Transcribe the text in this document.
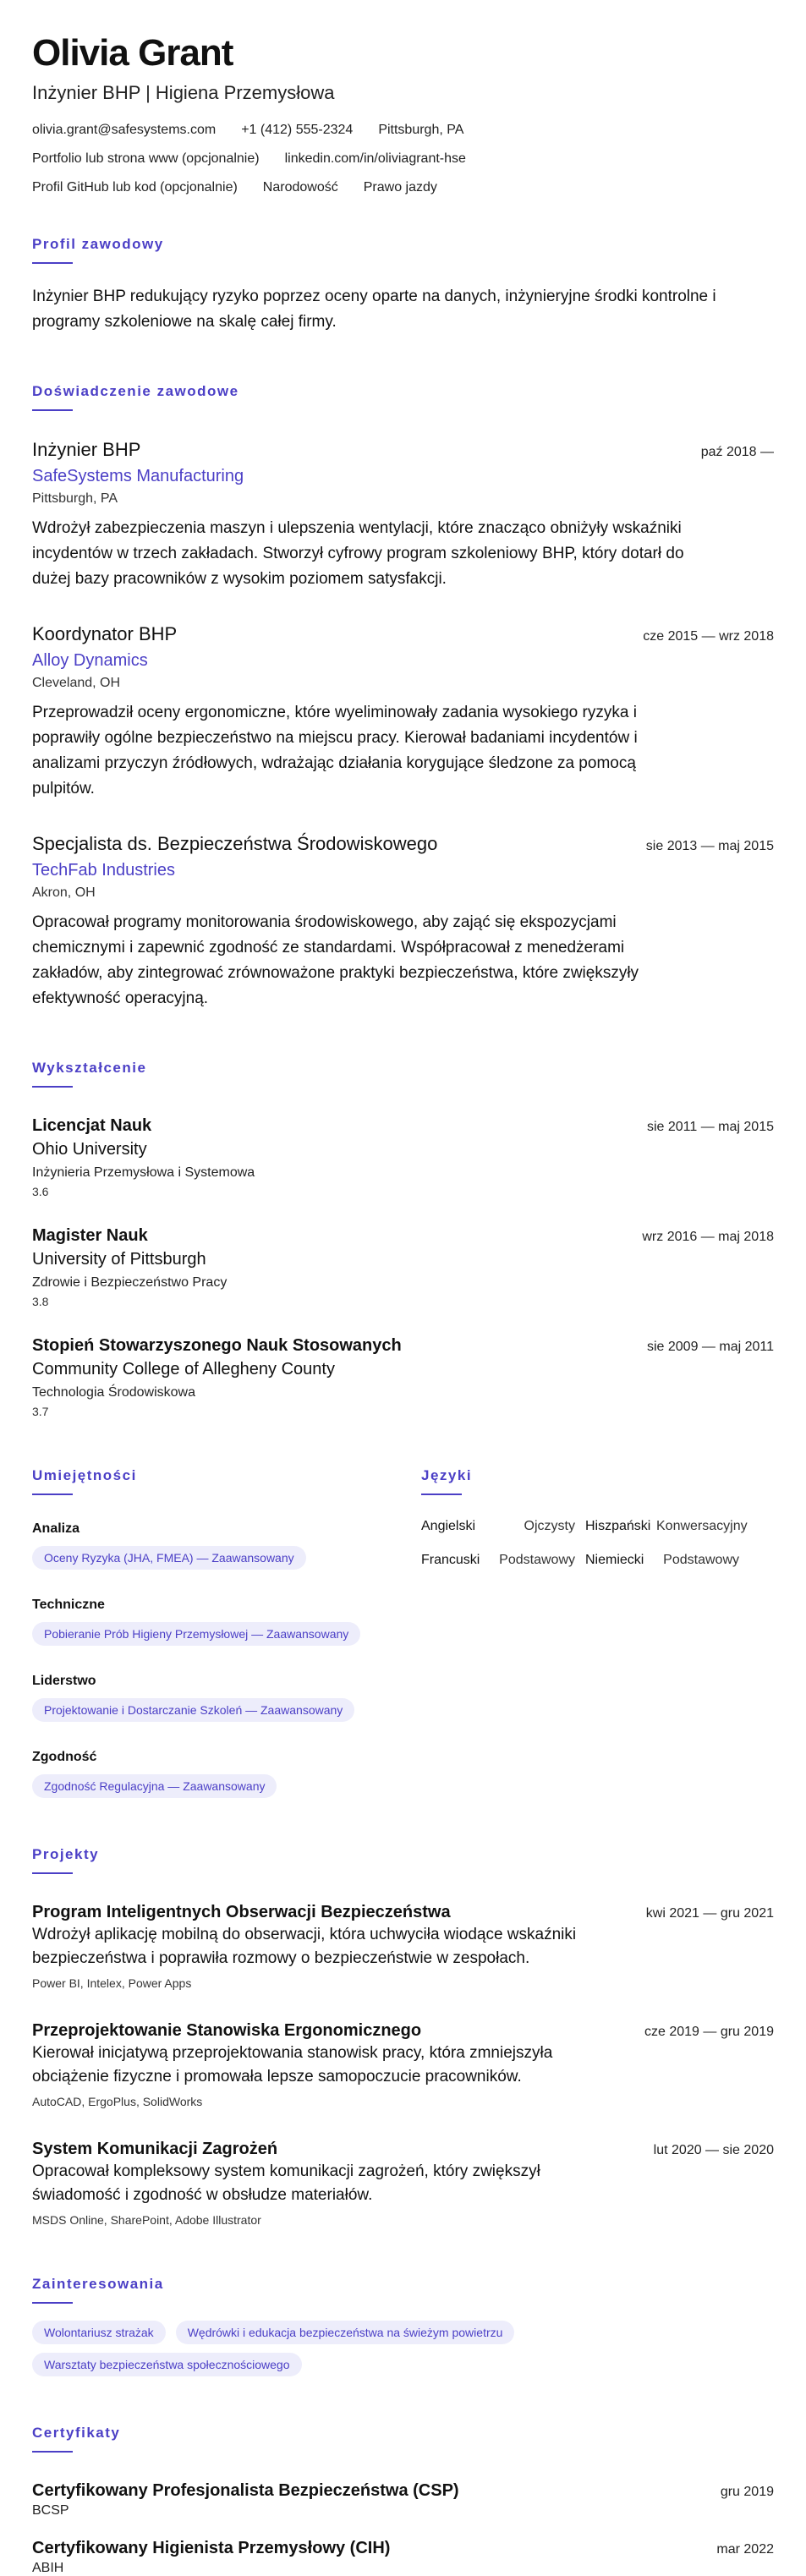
Olivia Grant
Inżynier BHP | Higiena Przemysłowa
olivia.grant@safesystems.com +1 (412) 555-2324 Pittsburgh, PA
Portfolio lub strona www (opcjonalnie) linkedin.com/in/oliviagrant-hse
Profil GitHub lub kod (opcjonalnie) Narodowość Prawo jazdy
Profil zawodowy

Inżynier BHP redukujący ryzyko poprzez oceny oparte na danych, inżynieryjne środki kontrolne i programy szkoleniowe na skalę całej firmy.

Doświadczenie zawodowe
Inżynier BHP	paź 2018 —
SafeSystems Manufacturing
Pittsburgh, PA

Wdrożył zabezpieczenia maszyn i ulepszenia wentylacji, które znacząco obniżyły wskaźniki incydentów w trzech zakładach. Stworzył cyfrowy program szkoleniowy BHP, który dotarł do dużej bazy pracowników z wysokim poziomem satysfakcji.

Koordynator BHP	cze 2015 — wrz 2018
Alloy Dynamics
Cleveland, OH

Przeprowadził oceny ergonomiczne, które wyeliminowały zadania wysokiego ryzyka i poprawiły ogólne bezpieczeństwo na miejscu pracy. Kierował badaniami incydentów i analizami przyczyn źródłowych, wdrażając działania korygujące śledzone za pomocą pulpitów.

Specjalista ds. Bezpieczeństwa Środowiskowego	sie 2013 — maj 2015
TechFab Industries
Akron, OH

Opracował programy monitorowania środowiskowego, aby zająć się ekspozycjami chemicznymi i zapewnić zgodność ze standardami. Współpracował z menedżerami zakładów, aby zintegrować zrównoważone praktyki bezpieczeństwa, które zwiększyły efektywność operacyjną.

Wykształcenie
Licencjat Nauk	sie 2011 — maj 2015
Ohio University
Inżynieria Przemysłowa i Systemowa
3.6
Magister Nauk	wrz 2016 — maj 2018
University of Pittsburgh
Zdrowie i Bezpieczeństwo Pracy
3.8
Stopień Stowarzyszonego Nauk Stosowanych	sie 2009 — maj 2011
Community College of Allegheny County
Technologia Środowiskowa
3.7
Umiejętności
Analiza
Oceny Ryzyka (JHA, FMEA) — Zaawansowany
Techniczne
Pobieranie Prób Higieny Przemysłowej — Zaawansowany
Liderstwo
Projektowanie i Dostarczanie Szkoleń — Zaawansowany
Zgodność
Zgodność Regulacyjna — Zaawansowany
Języki
Angielski	Ojczysty Hiszpański Konwersacyjny
Francuski	Podstawowy Niemiecki	Podstawowy
Projekty
Program Inteligentnych Obserwacji Bezpieczeństwa	kwi 2021 — gru 2021

Wdrożył aplikację mobilną do obserwacji, która uchwyciła wiodące wskaźniki bezpieczeństwa i poprawiła rozmowy o bezpieczeństwie w zespołach.

Power BI, Intelex, Power Apps
Przeprojektowanie Stanowiska Ergonomicznego	cze 2019 — gru 2019

Kierował inicjatywą przeprojektowania stanowisk pracy, która zmniejszyła obciążenie fizyczne i promowała lepsze samopoczucie pracowników.

AutoCAD, ErgoPlus, SolidWorks
System Komunikacji Zagrożeń	lut 2020 — sie 2020

Opracował kompleksowy system komunikacji zagrożeń, który zwiększył świadomość i zgodność w obsłudze materiałów.

MSDS Online, SharePoint, Adobe Illustrator
Zainteresowania
Wolontariusz strażak	Wędrówki i edukacja bezpieczeństwa na świeżym powietrzu
Warsztaty bezpieczeństwa społecznościowego
Certyfikaty
Certyfikowany Profesjonalista Bezpieczeństwa (CSP)	gru 2019
BCSP
Certyfikowany Higienista Przemysłowy (CIH)	mar 2022
ABIH
